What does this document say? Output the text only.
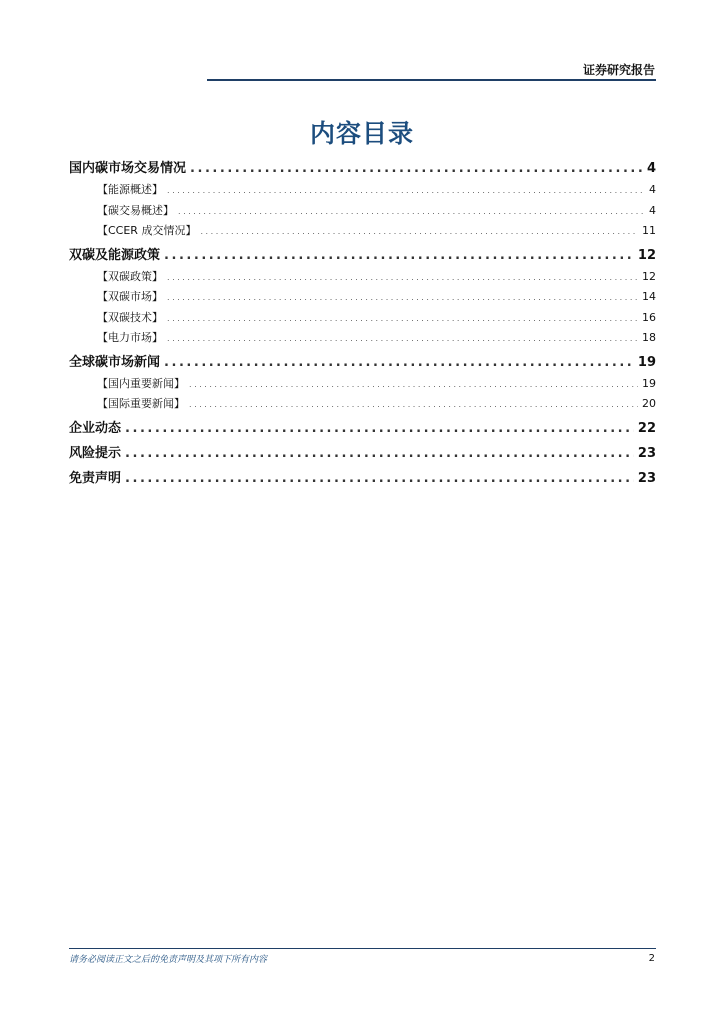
证券研究报告
内容目录
国内碳市场交易情况 . . .	4
【能源概述】 . . .	4
【碳交易概述】 . . .	4
【CCER 成交情况】 . . .	11
双碳及能源政策 . . .	12
【双碳政策】 . . .	12
【双碳市场】 . . .	14
【双碳技术】 . . .	16
【电力市场】 . . .	18
全球碳市场新闻 . . .	19
【国内重要新闻】 . . .	19
【国际重要新闻】 . . .	20
企业动态 . . .	22
风险提示 . . .	23
免责声明 . . .	23
请务必阅读正文之后的免责声明及其项下所有内容	2
